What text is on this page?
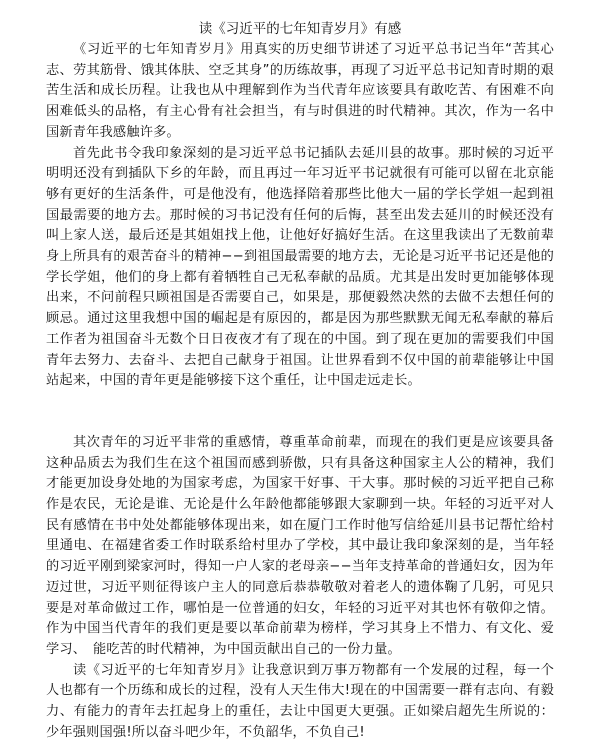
读《习近平的七年知青岁月》有感

《习近平的七年知青岁月》用真实的历史细节讲述了习近平总书记当年“苦其心志、劳其筋骨、饿其体肤、空乏其身”的历练故事，再现了习近平总书记知青时期的艰苦生活和成长历程。让我也从中理解到作为当代青年应该要具有敢吃苦、有困难不向困难低头的品格，有主心骨有社会担当，有与时俱进的时代精神。其次，作为一名中国新青年我感触许多。

首先此书令我印象深刻的是习近平总书记插队去延川县的故事。那时候的习近平明明还没有到插队下乡的年龄，而且再过一年习近平书记就很有可能可以留在北京能够有更好的生活条件，可是他没有，他选择陪着那些比他大一届的学长学姐一起到祖国最需要的地方去。那时候的习书记没有任何的后悔，甚至出发去延川的时候还没有叫上家人送，最后还是其姐姐找上他，让他好好搞好生活。在这里我读出了无数前辈身上所具有的艰苦奋斗的精神−−到祖国最需要的地方去，无论是习近平书记还是他的学长学姐，他们的身上都有着牺牲自己无私奉献的品质。尤其是出发时更加能够体现出来，不问前程只顾祖国是否需要自己，如果是，那便毅然决然的去做不去想任何的顾忌。通过这里我想中国的崛起是有原因的，都是因为那些默默无闻无私奉献的幕后工作者为祖国奋斗无数个日日夜夜才有了现在的中国。到了现在更加的需要我们中国青年去努力、去奋斗、去把自己献身于祖国。让世界看到不仅中国的前辈能够让中国站起来，中国的青年更是能够接下这个重任，让中国走远走长。

其次青年的习近平非常的重感情，尊重革命前辈，而现在的我们更是应该要具备这种品质去为我们生在这个祖国而感到骄傲，只有具备这种国家主人公的精神，我们才能更加设身处地的为国家考虑，为国家干好事、干大事。那时候的习近平把自己称作是农民，无论是谁、无论是什么年龄他都能够跟大家聊到一块。年轻的习近平对人民有感情在书中处处都能够体现出来，如在厦门工作时他写信给延川县书记帮忙给村里通电、在福建省委工作时联系给村里办了学校，其中最让我印象深刻的是，当年轻的习近平刚到梁家河时，得知一户人家的老母亲−−当年支持革命的普通妇女，因为年迈过世，习近平则征得该户主人的同意后恭恭敬敬对着老人的遗体鞠了几躬，可见只要是对革命做过工作，哪怕是一位普通的妇女，年轻的习近平对其也怀有敬仰之情。作为中国当代青年的我们更是要以革命前辈为榜样，学习其身上不惜力、有文化、爱学习、　能吃苦的时代精神，为中国贡献出自己的一份力量。

读《习近平的七年知青岁月》让我意识到万事万物都有一个发展的过程，每一个人也都有一个历练和成长的过程，没有人天生伟大!现在的中国需要一群有志向、有毅力、有能力的青年去扛起身上的重任，去让中国更大更强。正如梁启超先生所说的：少年强则国强!所以奋斗吧少年，不负韶华，不负自己!
